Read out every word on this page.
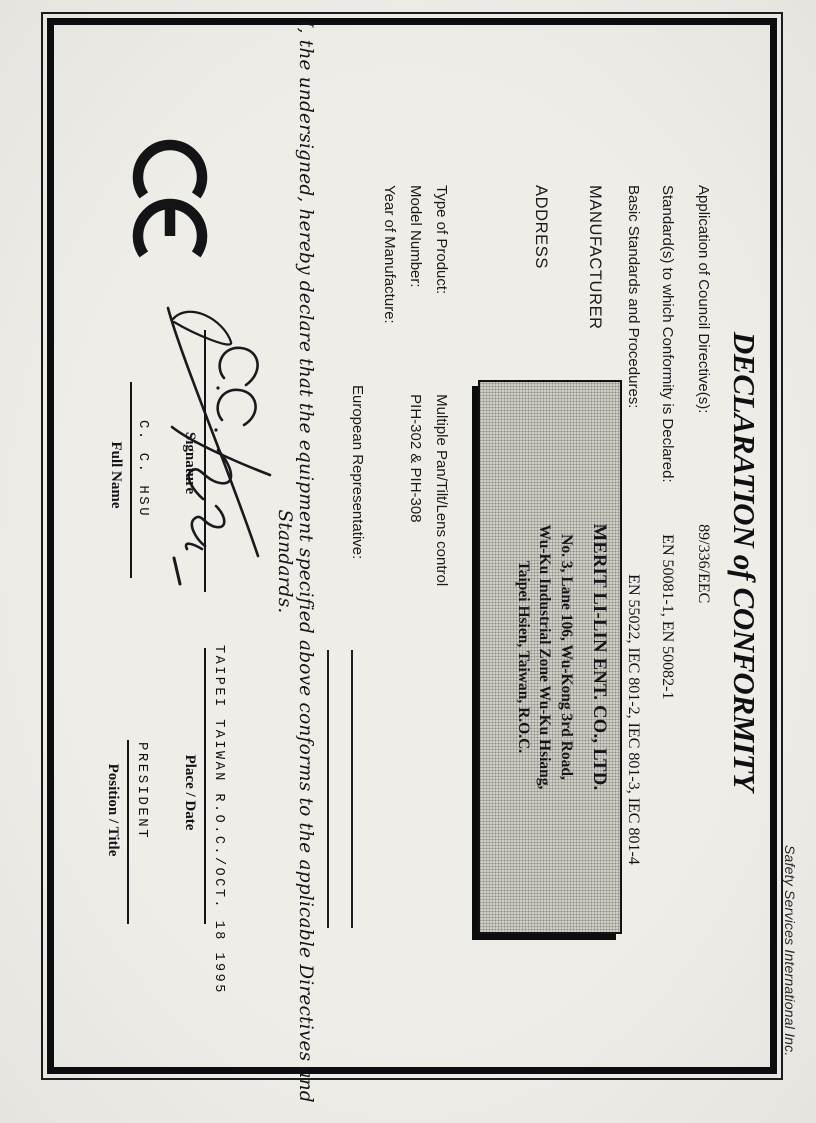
Safety Services International Inc.
DECLARATION of CONFORMITY
Application of Council Directive(s): 89/336/EEC
Standard(s) to which Conformity is Declared: EN 50081-1, EN 50082-1
Basic Standards and Procedures: EN 55022, IEC 801-2, IEC 801-3, IEC 801-4
MANUFACTURER
ADDRESS
MERIT LI-LIN ENT. CO., LTD.
No. 3, Lane 106, Wu-Kong 3rd Road,
Wu-Ku Industrial Zone Wu-Ku Hsiang,
Taipei Hsien, Taiwan, R.O.C.
Type of Product: Multiple Pan/Tilt/Lens control
Model Number: PIH-302 & PIH-308
Year of Manufacture:
European Representative:
I, the undersigned, hereby declare that the equipment specified above conforms to the applicable Directives and Standards.
Signature
C. C. HSU
Full Name
TAIPEI TAIWAN R.O.C./OCT. 18 1995
Place / Date
PRESIDENT
Position / Title
